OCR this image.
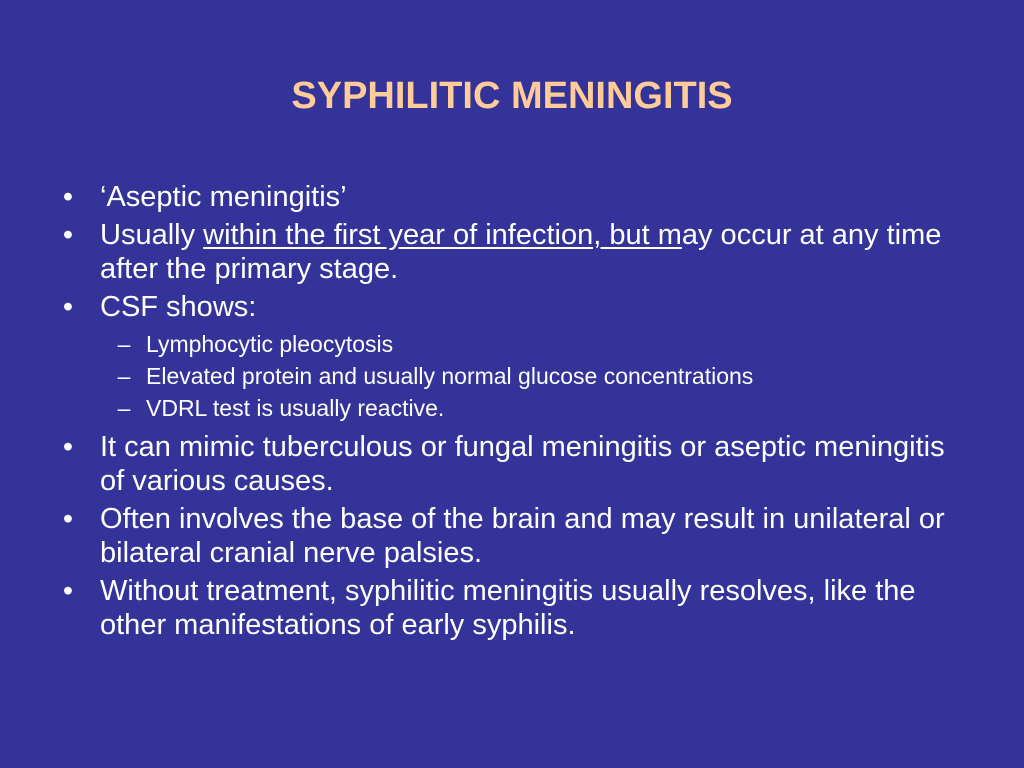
SYPHILITIC MENINGITIS
• ‘Aseptic meningitis’
• Usually within the first year of infection, but may occur at any time after the primary stage.
• CSF shows:
– Lymphocytic pleocytosis
– Elevated protein and usually normal glucose concentrations
– VDRL test is usually reactive.
• It can mimic tuberculous or fungal meningitis or aseptic meningitis of various causes.
• Often involves the base of the brain and may result in unilateral or bilateral cranial nerve palsies.
• Without treatment, syphilitic meningitis usually resolves, like the other manifestations of early syphilis.
